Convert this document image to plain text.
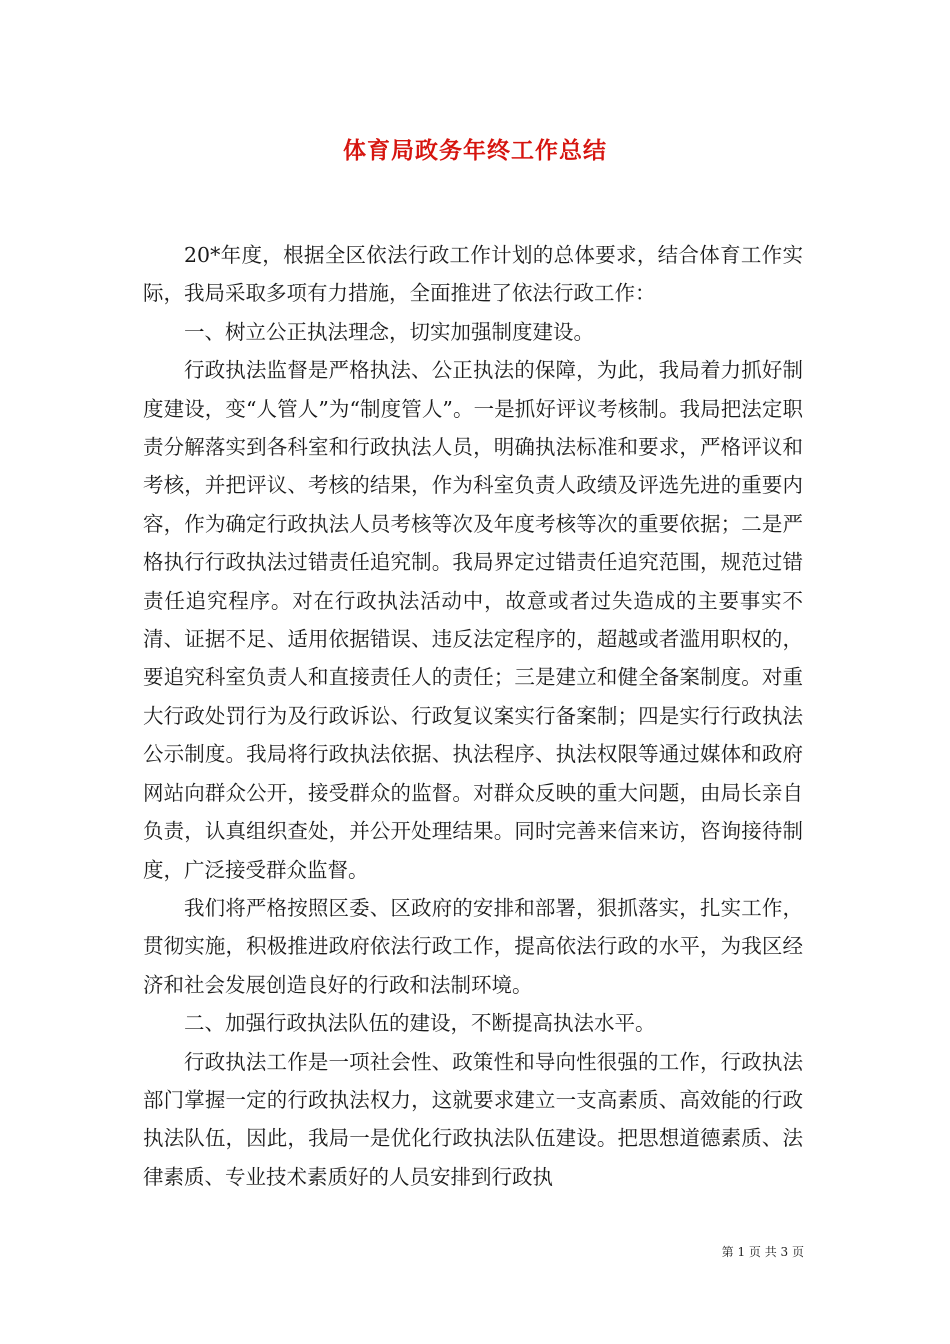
体育局政务年终工作总结

20*年度，根据全区依法行政工作计划的总体要求，结合体育工作实际，我局采取多项有力措施，全面推进了依法行政工作：

一、树立公正执法理念，切实加强制度建设。

行政执法监督是严格执法、公正执法的保障，为此，我局着力抓好制度建设，变“人管人”为“制度管人”。一是抓好评议考核制。我局把法定职责分解落实到各科室和行政执法人员，明确执法标准和要求，严格评议和考核，并把评议、考核的结果，作为科室负责人政绩及评选先进的重要内容，作为确定行政执法人员考核等次及年度考核等次的重要依据；二是严格执行行政执法过错责任追究制。我局界定过错责任追究范围，规范过错责任追究程序。对在行政执法活动中，故意或者过失造成的主要事实不清、证据不足、适用依据错误、违反法定程序的，超越或者滥用职权的，要追究科室负责人和直接责任人的责任；三是建立和健全备案制度。对重大行政处罚行为及行政诉讼、行政复议案实行备案制；四是实行行政执法公示制度。我局将行政执法依据、执法程序、执法权限等通过媒体和政府网站向群众公开，接受群众的监督。对群众反映的重大问题，由局长亲自负责，认真组织查处，并公开处理结果。同时完善来信来访，咨询接待制度，广泛接受群众监督。

我们将严格按照区委、区政府的安排和部署，狠抓落实，扎实工作，贯彻实施，积极推进政府依法行政工作，提高依法行政的水平，为我区经济和社会发展创造良好的行政和法制环境。

二、加强行政执法队伍的建设，不断提高执法水平。

行政执法工作是一项社会性、政策性和导向性很强的工作，行政执法部门掌握一定的行政执法权力，这就要求建立一支高素质、高效能的行政执法队伍，因此，我局一是优化行政执法队伍建设。把思想道德素质、法律素质、专业技术素质好的人员安排到行政执

第 1 页 共 3 页
